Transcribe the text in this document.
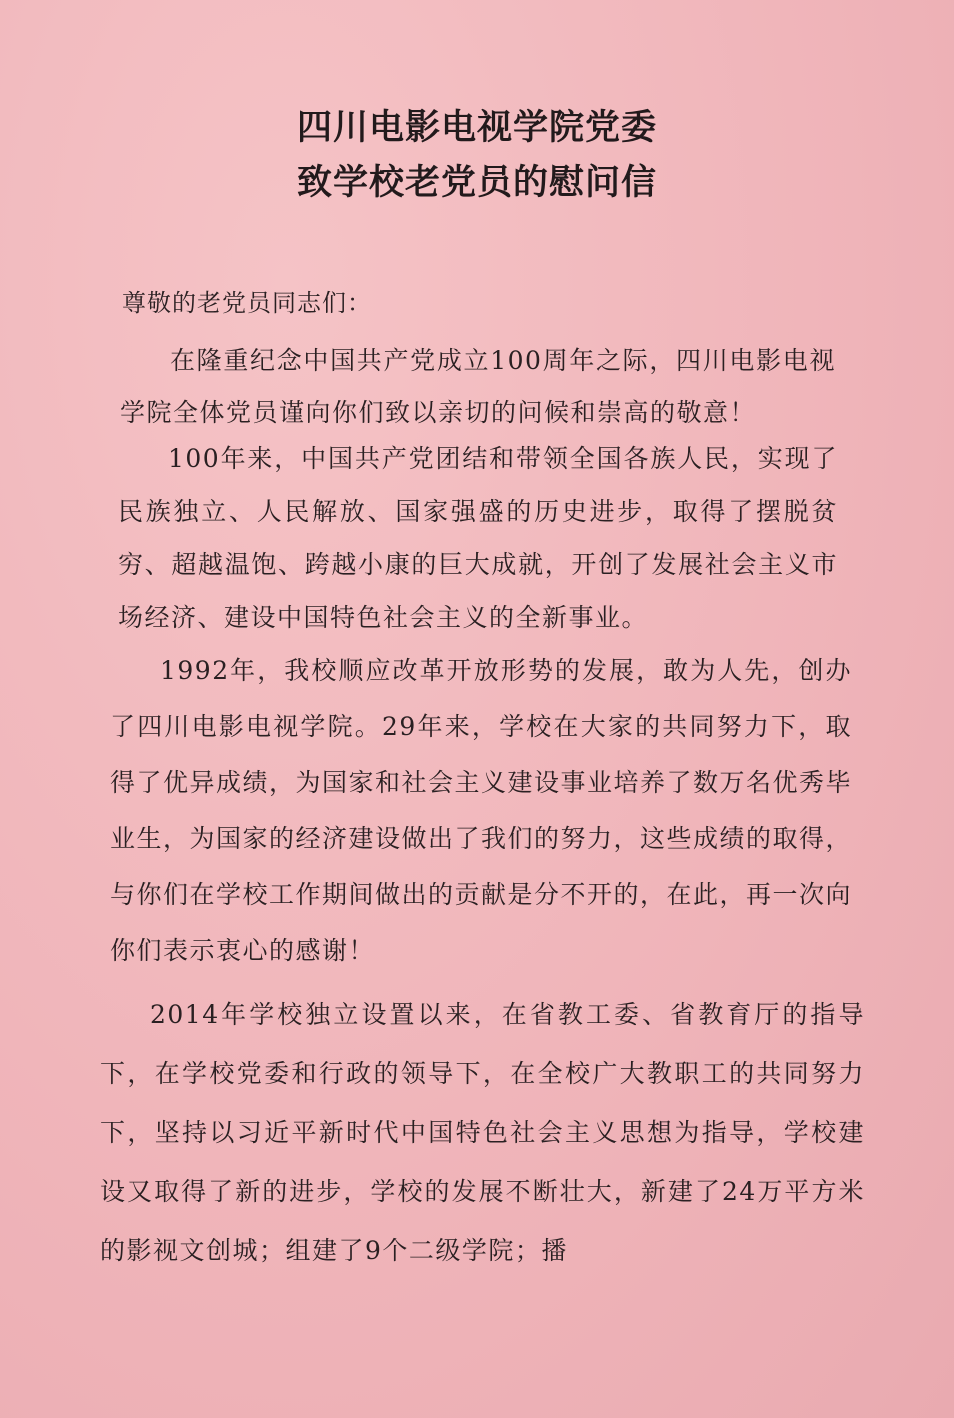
四川电影电视学院党委
致学校老党员的慰问信
尊敬的老党员同志们：

在隆重纪念中国共产党成立100周年之际，四川电影电视学院全体党员谨向你们致以亲切的问候和崇高的敬意！

100年来，中国共产党团结和带领全国各族人民，实现了民族独立、人民解放、国家强盛的历史进步，取得了摆脱贫穷、超越温饱、跨越小康的巨大成就，开创了发展社会主义市场经济、建设中国特色社会主义的全新事业。

1992年，我校顺应改革开放形势的发展，敢为人先，创办了四川电影电视学院。29年来，学校在大家的共同努力下，取得了优异成绩，为国家和社会主义建设事业培养了数万名优秀毕业生，为国家的经济建设做出了我们的努力，这些成绩的取得，与你们在学校工作期间做出的贡献是分不开的，在此，再一次向你们表示衷心的感谢！

2014年学校独立设置以来，在省教工委、省教育厅的指导下，在学校党委和行政的领导下，在全校广大教职工的共同努力下，坚持以习近平新时代中国特色社会主义思想为指导，学校建设又取得了新的进步，学校的发展不断壮大，新建了24万平方米的影视文创城；组建了9个二级学院；播
